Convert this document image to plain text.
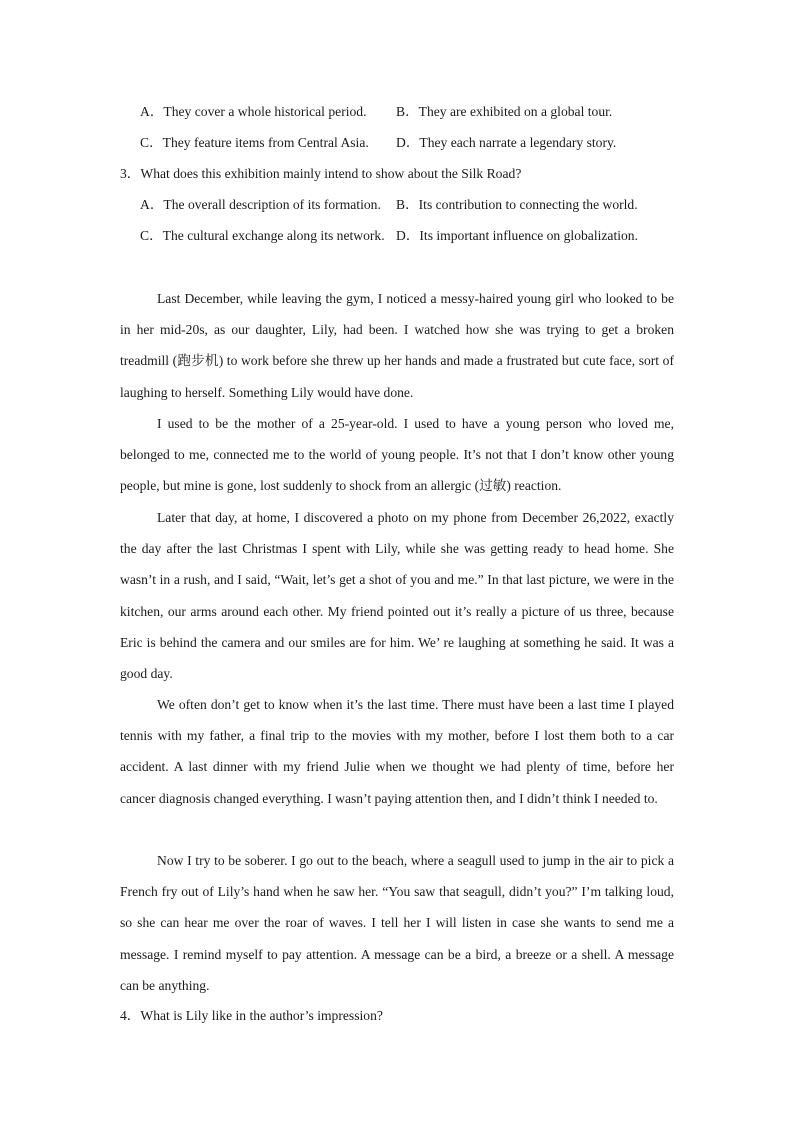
A．They cover a whole historical period. B．They are exhibited on a global tour.
C．They feature items from Central Asia. D．They each narrate a legendary story.
3．What does this exhibition mainly intend to show about the Silk Road?
A．The overall description of its formation. B．Its contribution to connecting the world.
C．The cultural exchange along its network. D．Its important influence on globalization.
Last December, while leaving the gym, I noticed a messy-haired young girl who looked to be in her mid-20s, as our daughter, Lily, had been. I watched how she was trying to get a broken treadmill (跑步机) to work before she threw up her hands and made a frustrated but cute face, sort of laughing to herself. Something Lily would have done.
I used to be the mother of a 25-year-old. I used to have a young person who loved me, belonged to me, connected me to the world of young people. It’s not that I don’t know other young people, but mine is gone, lost suddenly to shock from an allergic (过敏) reaction.
Later that day, at home, I discovered a photo on my phone from December 26,2022, exactly the day after the last Christmas I spent with Lily, while she was getting ready to head home. She wasn’t in a rush, and I said, “Wait, let’s get a shot of you and me.” In that last picture, we were in the kitchen, our arms around each other. My friend pointed out it’s really a picture of us three, because Eric is behind the camera and our smiles are for him. We’ re laughing at something he said. It was a good day.
We often don’t get to know when it’s the last time. There must have been a last time I played tennis with my father, a final trip to the movies with my mother, before I lost them both to a car accident. A last dinner with my friend Julie when we thought we had plenty of time, before her cancer diagnosis changed everything. I wasn’t paying attention then, and I didn’t think I needed to.
Now I try to be soberer. I go out to the beach, where a seagull used to jump in the air to pick a French fry out of Lily’s hand when he saw her. “You saw that seagull, didn’t you?” I’m talking loud, so she can hear me over the roar of waves. I tell her I will listen in case she wants to send me a message. I remind myself to pay attention. A message can be a bird, a breeze or a shell. A message can be anything.
4．What is Lily like in the author’s impression?
